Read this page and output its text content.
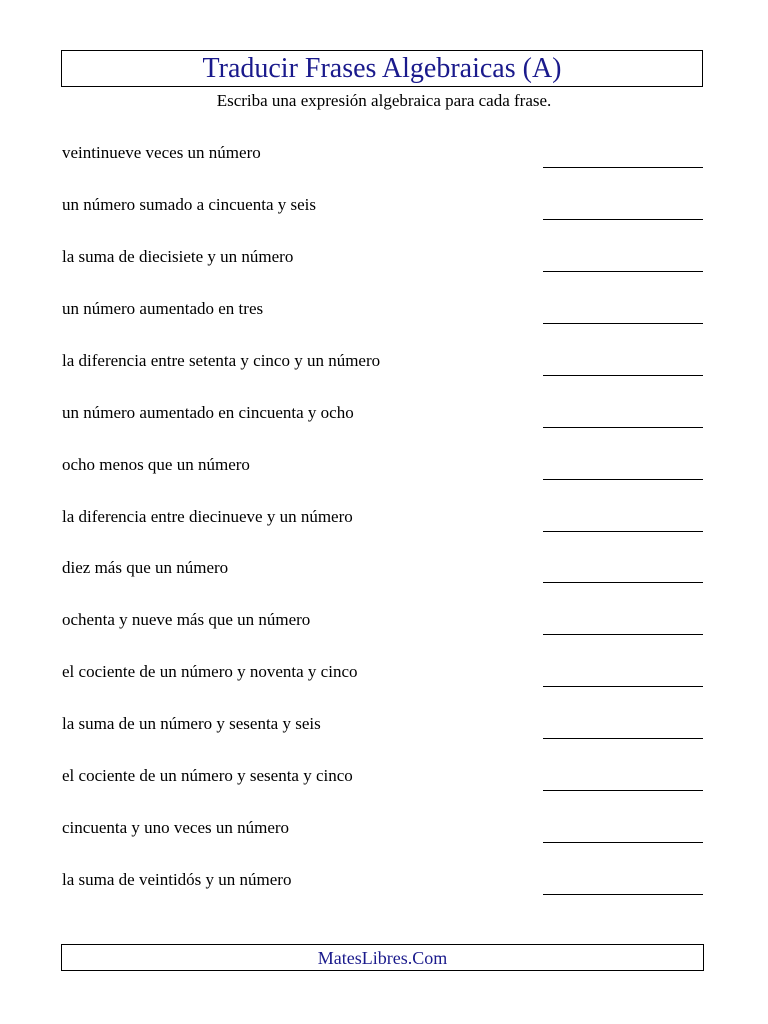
Traducir Frases Algebraicas (A)
Escriba una expresión algebraica para cada frase.
veintinueve veces un número
un número sumado a cincuenta y seis
la suma de diecisiete y un número
un número aumentado en tres
la diferencia entre setenta y cinco y un número
un número aumentado en cincuenta y ocho
ocho menos que un número
la diferencia entre diecinueve y un número
diez más que un número
ochenta y nueve más que un número
el cociente de un número y noventa y cinco
la suma de un número y sesenta y seis
el cociente de un número y sesenta y cinco
cincuenta y uno veces un número
la suma de veintidós y un número
MatesLibres.Com
